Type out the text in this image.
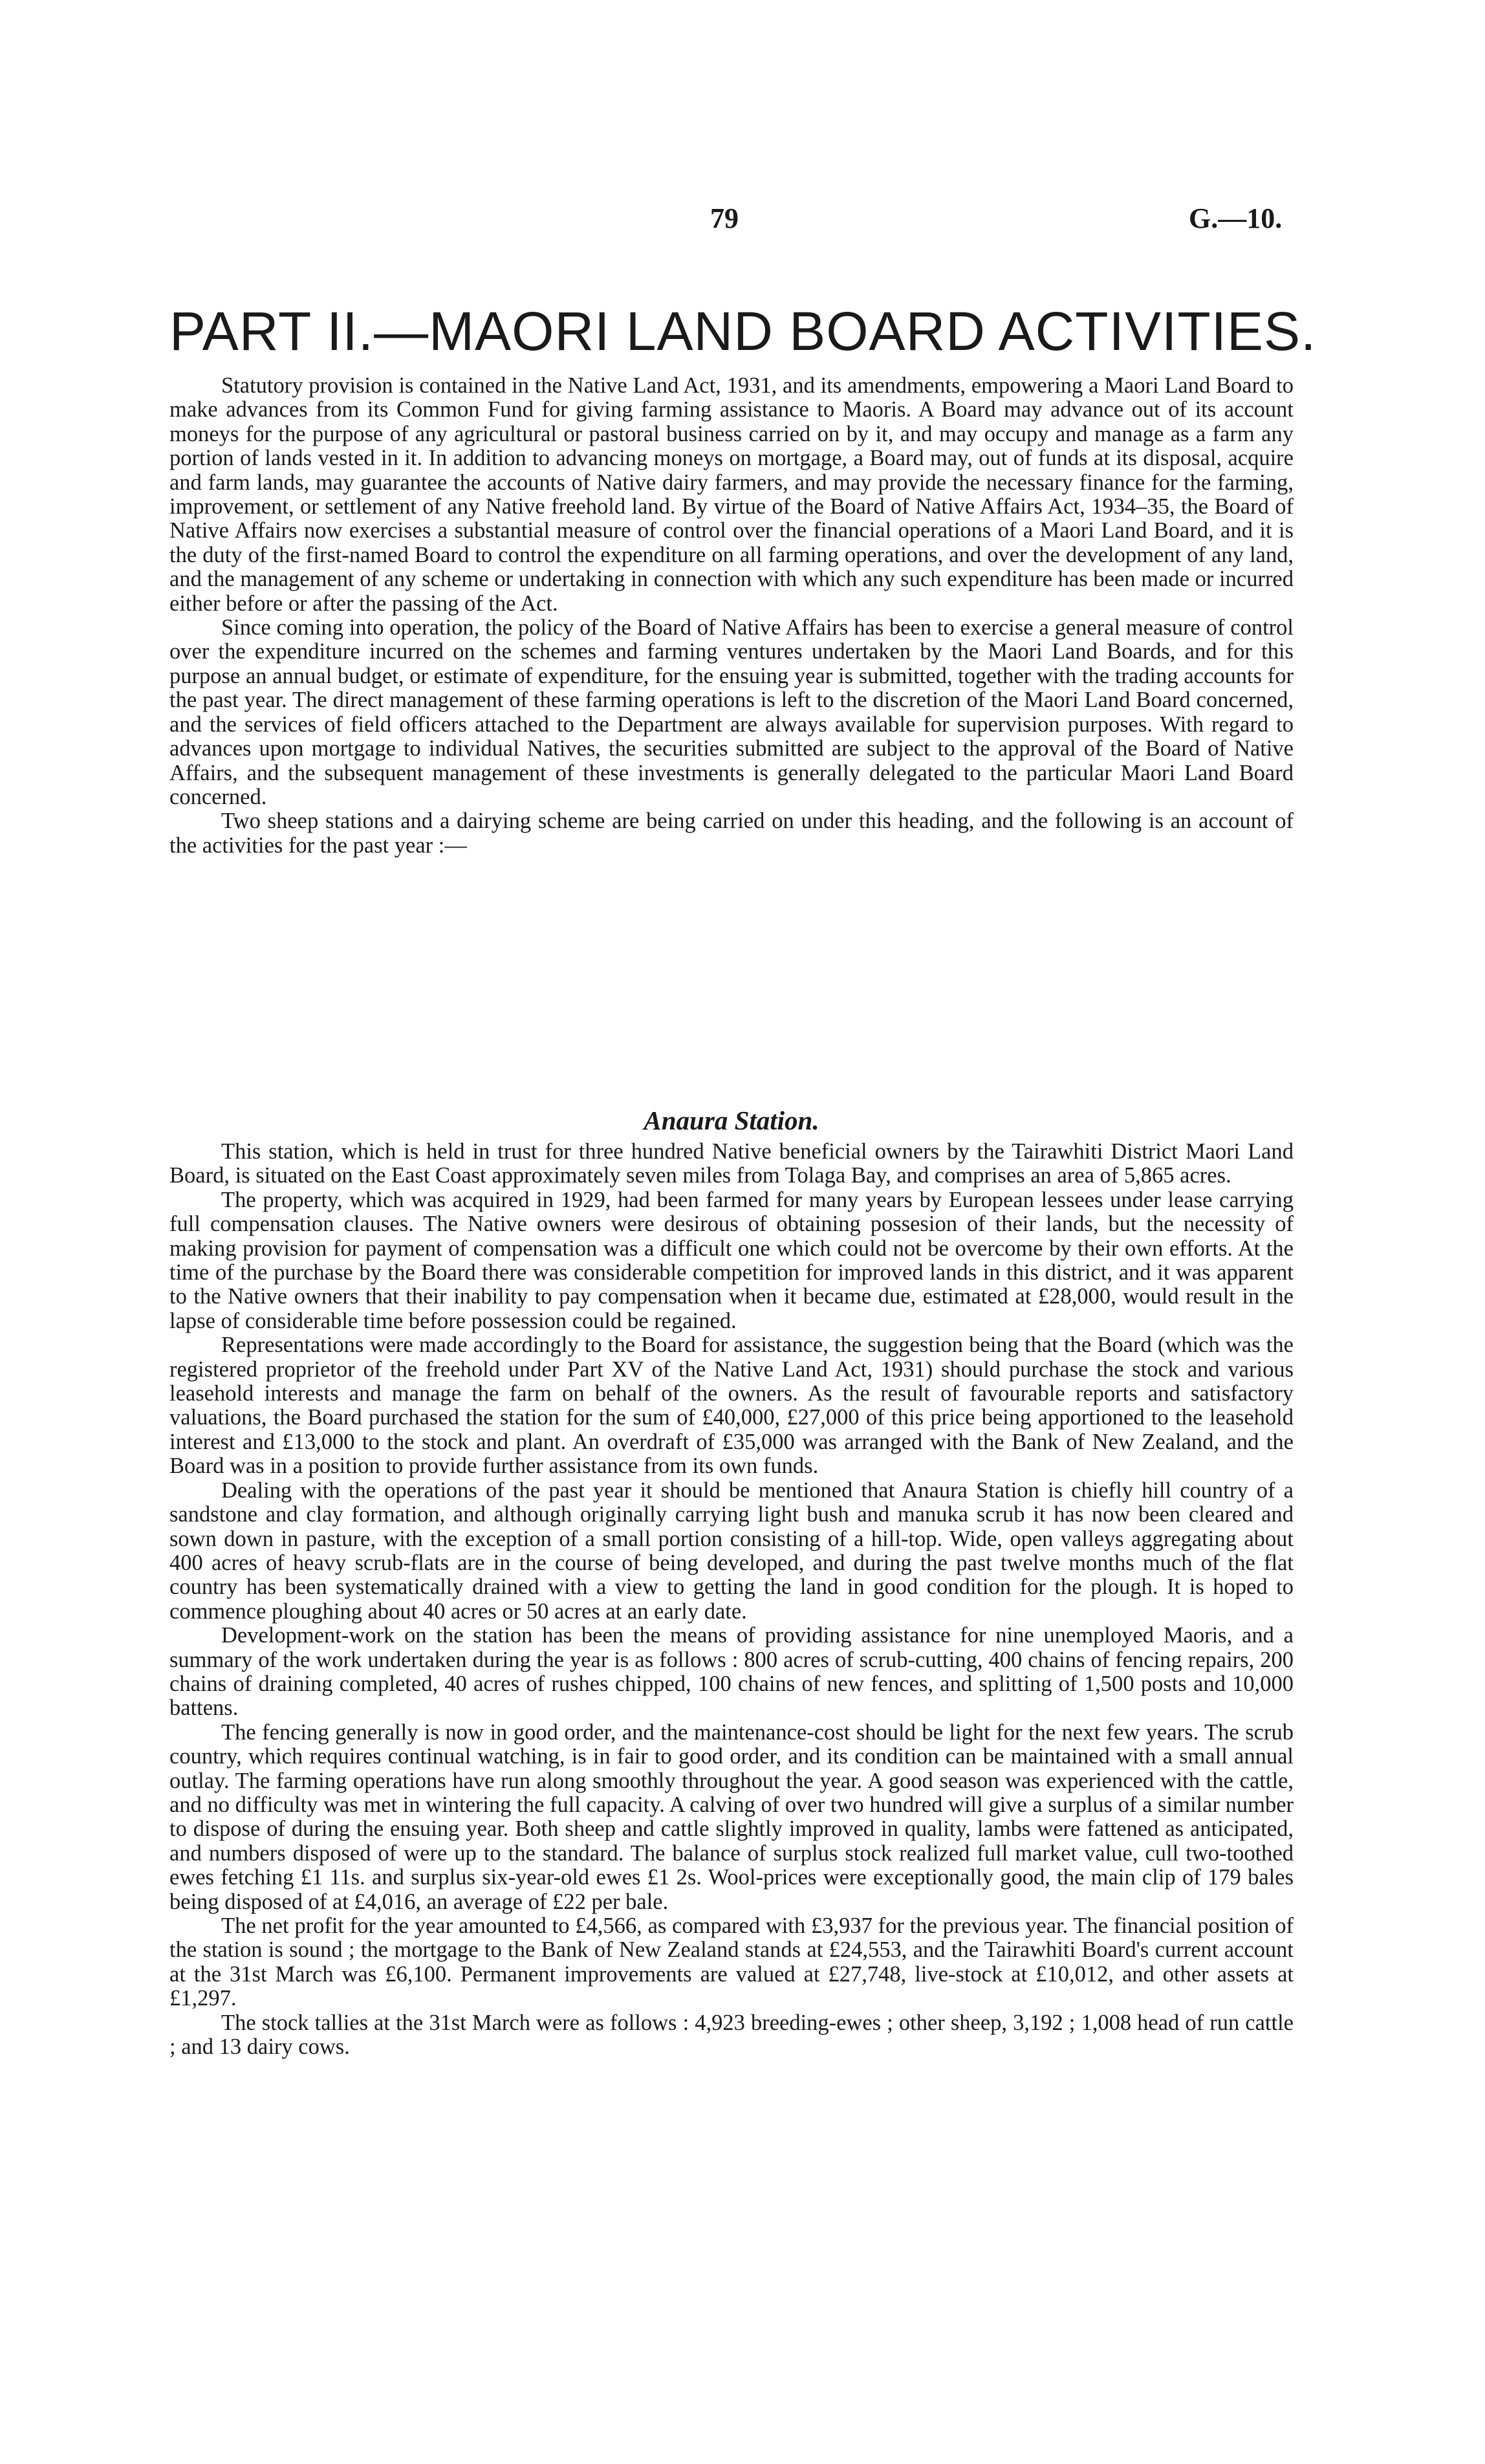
79	G.—10.
PART II.—MAORI LAND BOARD ACTIVITIES.

Statutory provision is contained in the Native Land Act, 1931, and its amendments, empowering a Maori Land Board to make advances from its Common Fund for giving farming assistance to Maoris. A Board may advance out of its account moneys for the purpose of any agricultural or pastoral business carried on by it, and may occupy and manage as a farm any portion of lands vested in it. In addition to advancing moneys on mortgage, a Board may, out of funds at its disposal, acquire and farm lands, may guarantee the accounts of Native dairy farmers, and may provide the necessary finance for the farming, improvement, or settlement of any Native freehold land. By virtue of the Board of Native Affairs Act, 1934–35, the Board of Native Affairs now exercises a substantial measure of control over the financial operations of a Maori Land Board, and it is the duty of the first-named Board to control the expenditure on all farming operations, and over the development of any land, and the management of any scheme or undertaking in connection with which any such expenditure has been made or incurred either before or after the passing of the Act.

Since coming into operation, the policy of the Board of Native Affairs has been to exercise a general measure of control over the expenditure incurred on the schemes and farming ventures undertaken by the Maori Land Boards, and for this purpose an annual budget, or estimate of expenditure, for the ensuing year is submitted, together with the trading accounts for the past year. The direct management of these farming operations is left to the discretion of the Maori Land Board concerned, and the services of field officers attached to the Department are always available for supervision purposes. With regard to advances upon mortgage to individual Natives, the securities submitted are subject to the approval of the Board of Native Affairs, and the subsequent management of these investments is generally delegated to the particular Maori Land Board concerned.

Two sheep stations and a dairying scheme are being carried on under this heading, and the following is an account of the activities for the past year :—

Anaura Station.

This station, which is held in trust for three hundred Native beneficial owners by the Tairawhiti District Maori Land Board, is situated on the East Coast approximately seven miles from Tolaga Bay, and comprises an area of 5,865 acres.

The property, which was acquired in 1929, had been farmed for many years by European lessees under lease carrying full compensation clauses. The Native owners were desirous of obtaining possesion of their lands, but the necessity of making provision for payment of compensation was a difficult one which could not be overcome by their own efforts. At the time of the purchase by the Board there was considerable competition for improved lands in this district, and it was apparent to the Native owners that their inability to pay compensation when it became due, estimated at £28,000, would result in the lapse of considerable time before possession could be regained.

Representations were made accordingly to the Board for assistance, the suggestion being that the Board (which was the registered proprietor of the freehold under Part XV of the Native Land Act, 1931) should purchase the stock and various leasehold interests and manage the farm on behalf of the owners. As the result of favourable reports and satisfactory valuations, the Board purchased the station for the sum of £40,000, £27,000 of this price being apportioned to the leasehold interest and £13,000 to the stock and plant. An overdraft of £35,000 was arranged with the Bank of New Zealand, and the Board was in a position to provide further assistance from its own funds.

Dealing with the operations of the past year it should be mentioned that Anaura Station is chiefly hill country of a sandstone and clay formation, and although originally carrying light bush and manuka scrub it has now been cleared and sown down in pasture, with the exception of a small portion consisting of a hill-top. Wide, open valleys aggregating about 400 acres of heavy scrub-flats are in the course of being developed, and during the past twelve months much of the flat country has been systematically drained with a view to getting the land in good condition for the plough. It is hoped to commence ploughing about 40 acres or 50 acres at an early date.

Development-work on the station has been the means of providing assistance for nine unemployed Maoris, and a summary of the work undertaken during the year is as follows : 800 acres of scrub-cutting, 400 chains of fencing repairs, 200 chains of draining completed, 40 acres of rushes chipped, 100 chains of new fences, and splitting of 1,500 posts and 10,000 battens.

The fencing generally is now in good order, and the maintenance-cost should be light for the next few years. The scrub country, which requires continual watching, is in fair to good order, and its condition can be maintained with a small annual outlay. The farming operations have run along smoothly throughout the year. A good season was experienced with the cattle, and no difficulty was met in wintering the full capacity. A calving of over two hundred will give a surplus of a similar number to dispose of during the ensuing year. Both sheep and cattle slightly improved in quality, lambs were fattened as anticipated, and numbers disposed of were up to the standard. The balance of surplus stock realized full market value, cull two-toothed ewes fetching £1 11s. and surplus six-year-old ewes £1 2s. Wool-prices were exceptionally good, the main clip of 179 bales being disposed of at £4,016, an average of £22 per bale.

The net profit for the year amounted to £4,566, as compared with £3,937 for the previous year. The financial position of the station is sound ; the mortgage to the Bank of New Zealand stands at £24,553, and the Tairawhiti Board's current account at the 31st March was £6,100. Permanent improvements are valued at £27,748, live-stock at £10,012, and other assets at £1,297.

The stock tallies at the 31st March were as follows : 4,923 breeding-ewes ; other sheep, 3,192 ; 1,008 head of run cattle ; and 13 dairy cows.
